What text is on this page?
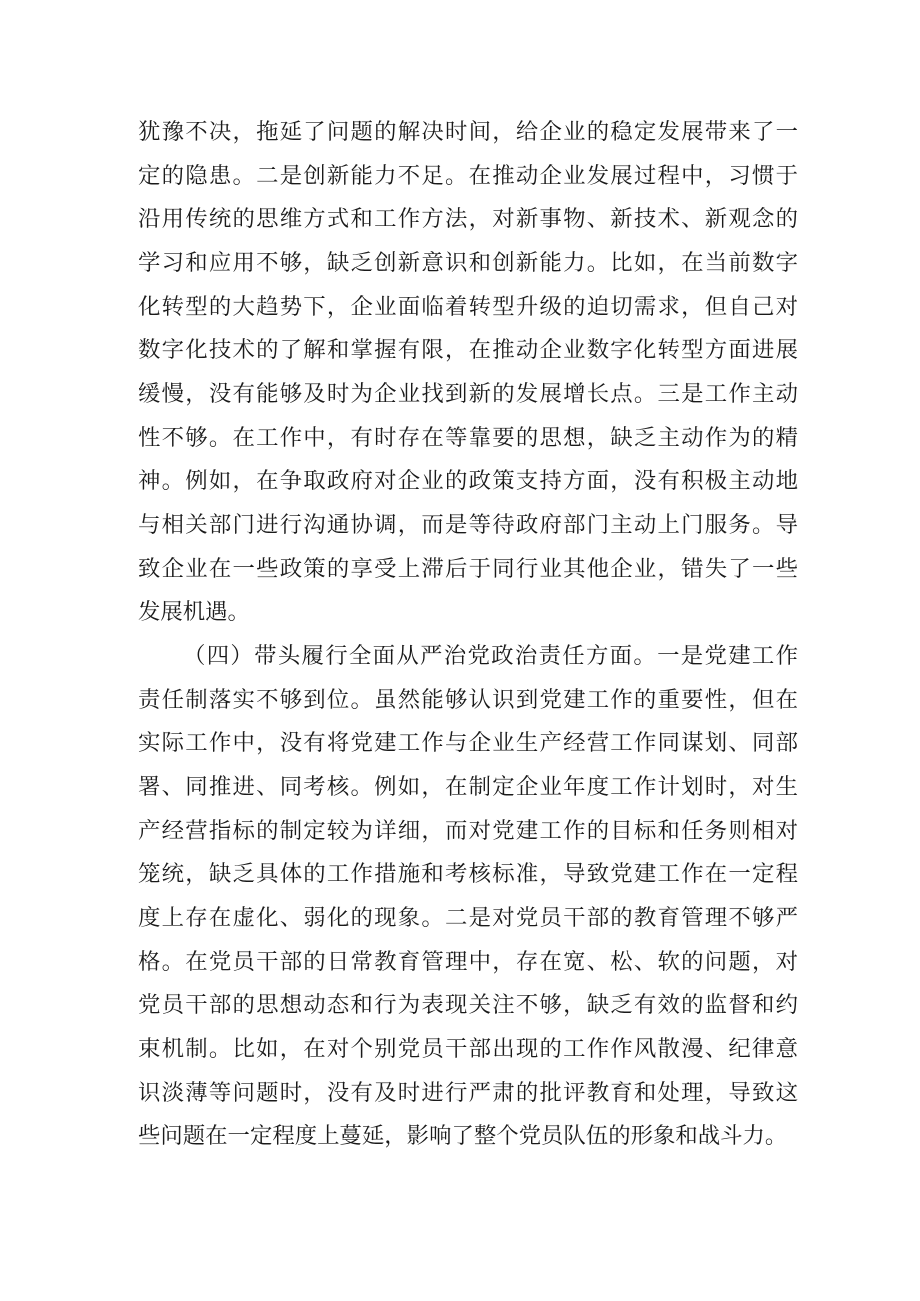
犹豫不决，拖延了问题的解决时间，给企业的稳定发展带来了一
定的隐患。二是创新能力不足。在推动企业发展过程中，习惯于
沿用传统的思维方式和工作方法，对新事物、新技术、新观念的
学习和应用不够，缺乏创新意识和创新能力。比如，在当前数字
化转型的大趋势下，企业面临着转型升级的迫切需求，但自己对
数字化技术的了解和掌握有限，在推动企业数字化转型方面进展
缓慢，没有能够及时为企业找到新的发展增长点。三是工作主动
性不够。在工作中，有时存在等靠要的思想，缺乏主动作为的精
神。例如，在争取政府对企业的政策支持方面，没有积极主动地
与相关部门进行沟通协调，而是等待政府部门主动上门服务。导
致企业在一些政策的享受上滞后于同行业其他企业，错失了一些
发展机遇。
（四）带头履行全面从严治党政治责任方面。一是党建工作
责任制落实不够到位。虽然能够认识到党建工作的重要性，但在
实际工作中，没有将党建工作与企业生产经营工作同谋划、同部
署、同推进、同考核。例如，在制定企业年度工作计划时，对生
产经营指标的制定较为详细，而对党建工作的目标和任务则相对
笼统，缺乏具体的工作措施和考核标准，导致党建工作在一定程
度上存在虚化、弱化的现象。二是对党员干部的教育管理不够严
格。在党员干部的日常教育管理中，存在宽、松、软的问题，对
党员干部的思想动态和行为表现关注不够，缺乏有效的监督和约
束机制。比如，在对个别党员干部出现的工作作风散漫、纪律意
识淡薄等问题时，没有及时进行严肃的批评教育和处理，导致这
些问题在一定程度上蔓延，影响了整个党员队伍的形象和战斗力。
